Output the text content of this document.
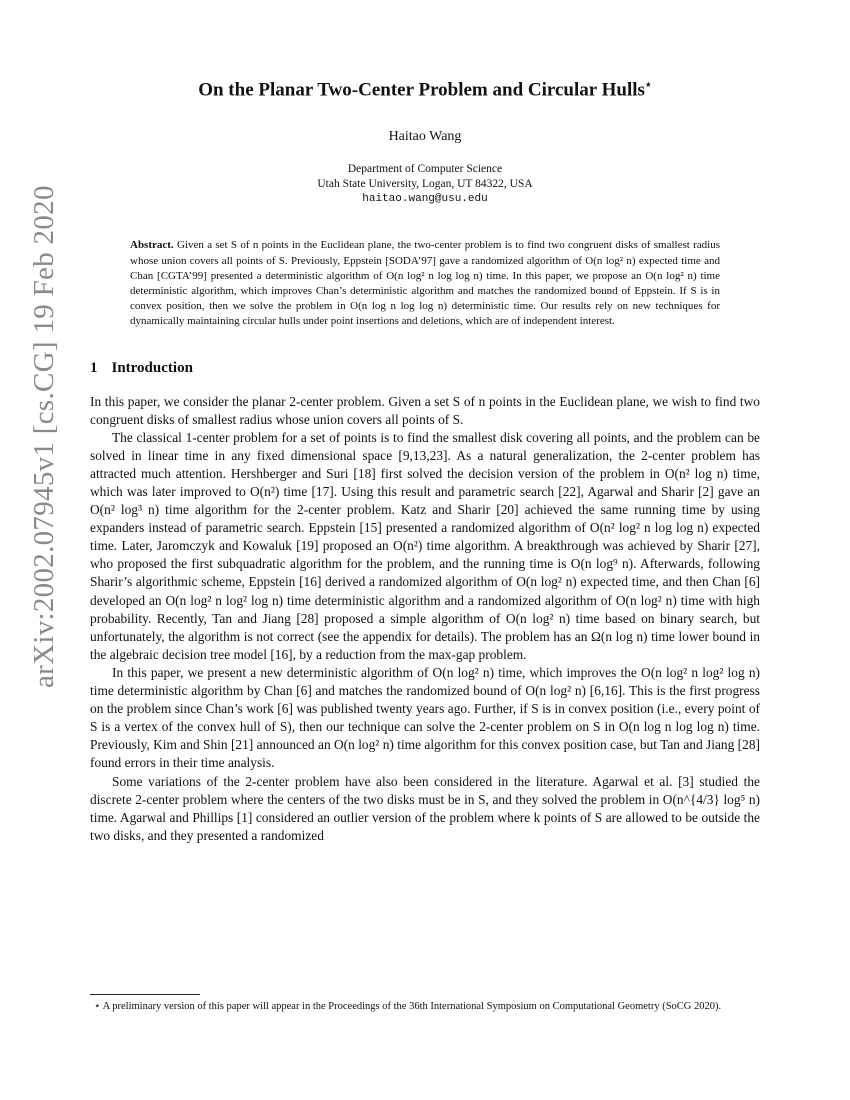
arXiv:2002.07945v1 [cs.CG] 19 Feb 2020
On the Planar Two-Center Problem and Circular Hulls⋆
Haitao Wang
Department of Computer Science
Utah State University, Logan, UT 84322, USA
haitao.wang@usu.edu
Abstract. Given a set S of n points in the Euclidean plane, the two-center problem is to find two congruent disks of smallest radius whose union covers all points of S. Previously, Eppstein [SODA’97] gave a randomized algorithm of O(n log² n) expected time and Chan [CGTA’99] presented a deterministic algorithm of O(n log² n log log n) time. In this paper, we propose an O(n log² n) time deterministic algorithm, which improves Chan’s deterministic algorithm and matches the randomized bound of Eppstein. If S is in convex position, then we solve the problem in O(n log n log log n) deterministic time. Our results rely on new techniques for dynamically maintaining circular hulls under point insertions and deletions, which are of independent interest.
1 Introduction

In this paper, we consider the planar 2-center problem. Given a set S of n points in the Euclidean plane, we wish to find two congruent disks of smallest radius whose union covers all points of S.

The classical 1-center problem for a set of points is to find the smallest disk covering all points, and the problem can be solved in linear time in any fixed dimensional space [9,13,23]. As a natural generalization, the 2-center problem has attracted much attention. Hershberger and Suri [18] first solved the decision version of the problem in O(n² log n) time, which was later improved to O(n²) time [17]. Using this result and parametric search [22], Agarwal and Sharir [2] gave an O(n² log³ n) time algorithm for the 2-center problem. Katz and Sharir [20] achieved the same running time by using expanders instead of parametric search. Eppstein [15] presented a randomized algorithm of O(n² log² n log log n) expected time. Later, Jaromczyk and Kowaluk [19] proposed an O(n²) time algorithm. A breakthrough was achieved by Sharir [27], who proposed the first subquadratic algorithm for the problem, and the running time is O(n log⁹ n). Afterwards, following Sharir’s algorithmic scheme, Eppstein [16] derived a randomized algorithm of O(n log² n) expected time, and then Chan [6] developed an O(n log² n log² log n) time deterministic algorithm and a randomized algorithm of O(n log² n) time with high probability. Recently, Tan and Jiang [28] proposed a simple algorithm of O(n log² n) time based on binary search, but unfortunately, the algorithm is not correct (see the appendix for details). The problem has an Ω(n log n) time lower bound in the algebraic decision tree model [16], by a reduction from the max-gap problem.

In this paper, we present a new deterministic algorithm of O(n log² n) time, which improves the O(n log² n log² log n) time deterministic algorithm by Chan [6] and matches the randomized bound of O(n log² n) [6,16]. This is the first progress on the problem since Chan’s work [6] was published twenty years ago. Further, if S is in convex position (i.e., every point of S is a vertex of the convex hull of S), then our technique can solve the 2-center problem on S in O(n log n log log n) time. Previously, Kim and Shin [21] announced an O(n log² n) time algorithm for this convex position case, but Tan and Jiang [28] found errors in their time analysis.

Some variations of the 2-center problem have also been considered in the literature. Agarwal et al. [3] studied the discrete 2-center problem where the centers of the two disks must be in S, and they solved the problem in O(n^{4/3} log⁵ n) time. Agarwal and Phillips [1] considered an outlier version of the problem where k points of S are allowed to be outside the two disks, and they presented a randomized

⋆ A preliminary version of this paper will appear in the Proceedings of the 36th International Symposium on Computational Geometry (SoCG 2020).
